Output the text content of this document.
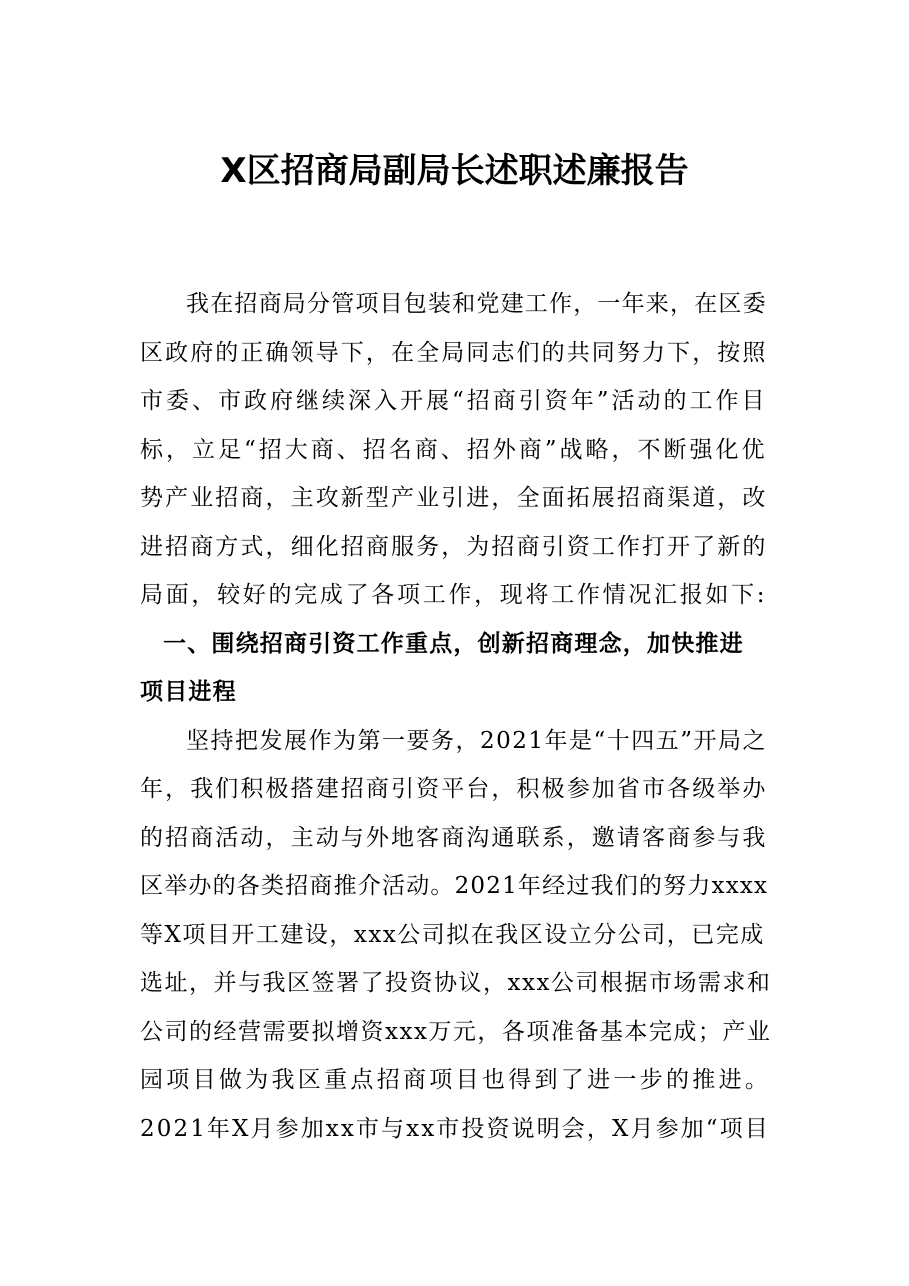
X区招商局副局长述职述廉报告

我在招商局分管项目包装和党建工作，一年来，在区委
区政府的正确领导下，在全局同志们的共同努力下，按照
市委、市政府继续深入开展“招商引资年”活动的工作目
标，立足“招大商、招名商、招外商”战略，不断强化优
势产业招商，主攻新型产业引进，全面拓展招商渠道，改
进招商方式，细化招商服务，为招商引资工作打开了新的
局面，较好的完成了各项工作，现将工作情况汇报如下:

一、围绕招商引资工作重点，创新招商理念，加快推进
项目进程

坚持把发展作为第一要务，2021年是“十四五”开局之
年，我们积极搭建招商引资平台，积极参加省市各级举办
的招商活动，主动与外地客商沟通联系，邀请客商参与我
区举办的各类招商推介活动。2021年经过我们的努力xxxx
等X项目开工建设，xxx公司拟在我区设立分公司，已完成
选址，并与我区签署了投资协议，xxx公司根据市场需求和
公司的经营需要拟增资xxx万元，各项准备基本完成；产业
园项目做为我区重点招商项目也得到了进一步的推进。
2021年X月参加xx市与xx市投资说明会，X月参加“项目
